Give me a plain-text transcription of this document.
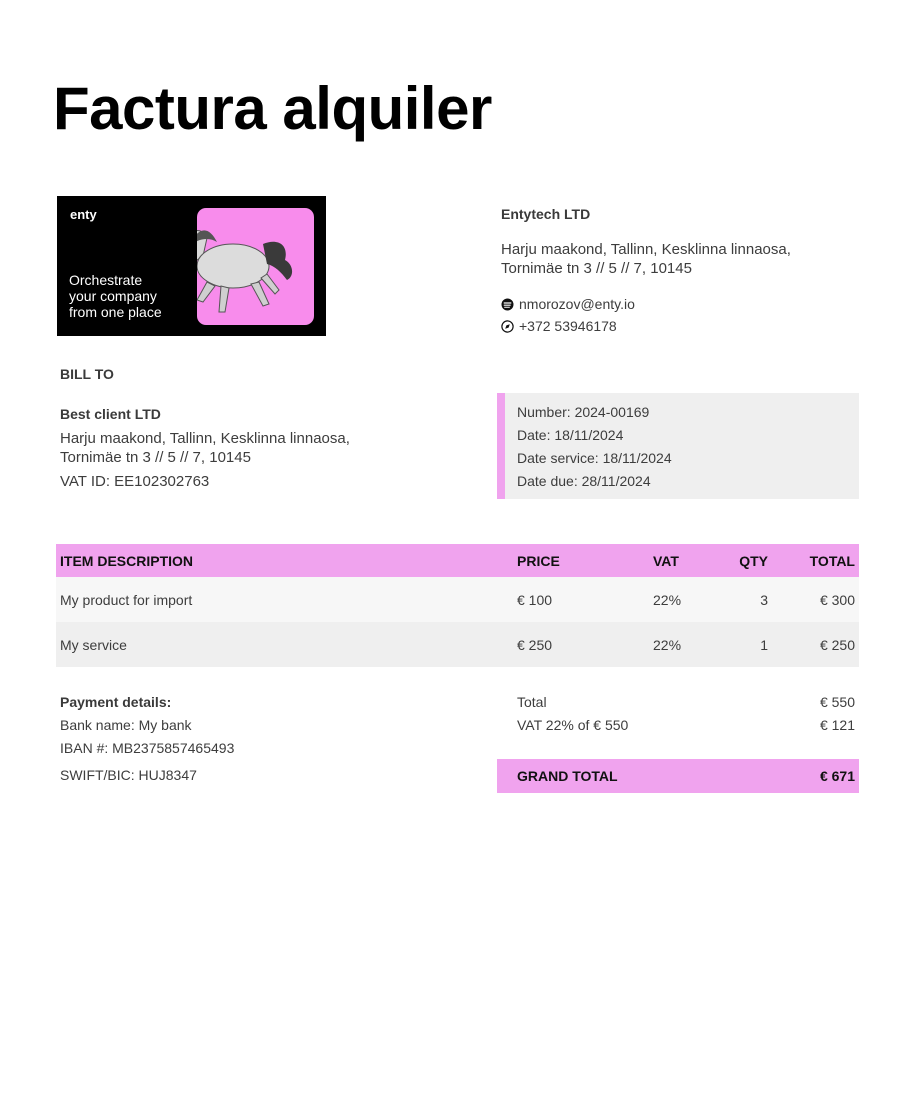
Factura alquiler
enty
Orchestrate
your company
from one place
Entytech LTD
Harju maakond, Tallinn, Kesklinna linnaosa,
Tornimäe tn 3 // 5 // 7, 10145
nmorozov@enty.io
+372 53946178
BILL TO
Best client LTD
Harju maakond, Tallinn, Kesklinna linnaosa,
Tornimäe tn 3 // 5 // 7, 10145
VAT ID: EE102302763
Number: 2024-00169
Date: 18/11/2024
Date service: 18/11/2024
Date due: 28/11/2024
ITEM DESCRIPTION	PRICE	VAT	QTY	TOTAL
My product for import	€ 100	22%	3	€ 300
My service	€ 250	22%	1	€ 250
Payment details:
Bank name: My bank
IBAN #: MB2375857465493
SWIFT/BIC: HUJ8347
Total	€ 550
VAT 22% of € 550	€ 121
GRAND TOTAL	€ 671
